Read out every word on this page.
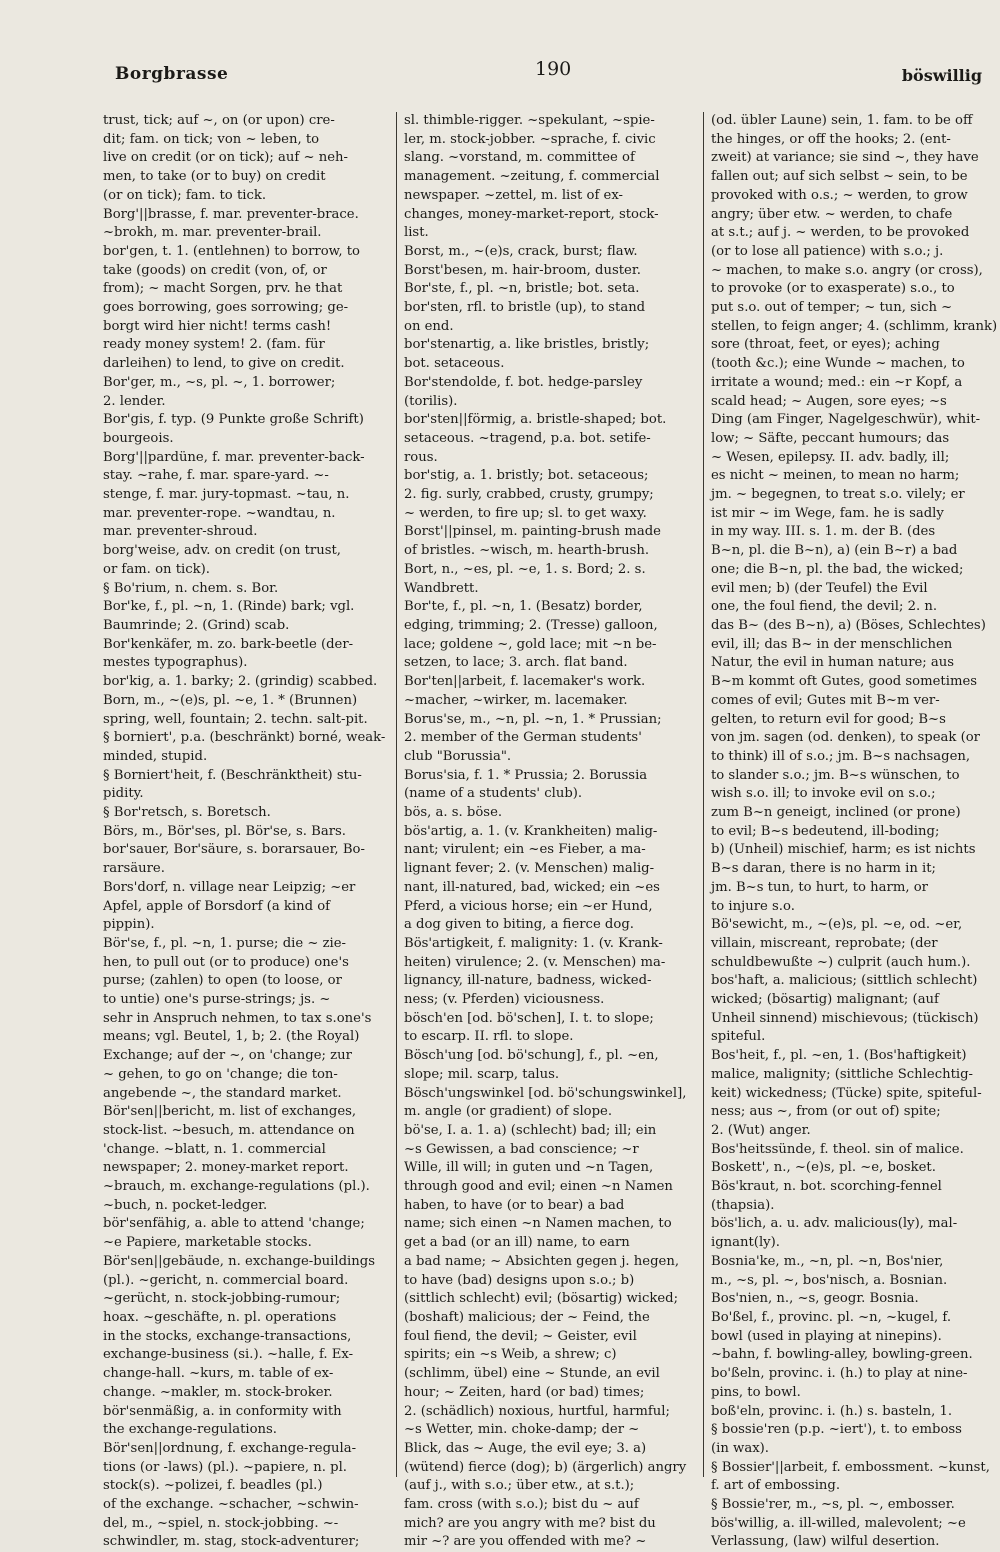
Borgbrasse	190	böswillig

trust, tick; auf ~, on (or upon) cre-

dit; fam. on tick; von ~ leben, to

live on credit (or on tick); auf ~ neh-

men, to take (or to buy) on credit

(or on tick); fam. to tick.

Borg'||brasse, f. mar. preventer-brace.

~brokh, m. mar. preventer-brail.

bor'gen, t. 1. (entlehnen) to borrow, to

take (goods) on credit (von, of, or

from); ~ macht Sorgen, prv. he that

goes borrowing, goes sorrowing; ge-

borgt wird hier nicht! terms cash!

ready money system! 2. (fam. für

darleihen) to lend, to give on credit.

Bor'ger, m., ~s, pl. ~, 1. borrower;

2. lender.

Bor'gis, f. typ. (9 Punkte große Schrift)

bourgeois.

Borg'||pardüne, f. mar. preventer-back-

stay. ~rahe, f. mar. spare-yard. ~-

stenge, f. mar. jury-topmast. ~tau, n.

mar. preventer-rope. ~wandtau, n.

mar. preventer-shroud.

borg'weise, adv. on credit (on trust,

or fam. on tick).

§ Bo'rium, n. chem. s. Bor.

Bor'ke, f., pl. ~n, 1. (Rinde) bark; vgl.

Baumrinde; 2. (Grind) scab.

Bor'kenkäfer, m. zo. bark-beetle (der-

mestes typographus).

bor'kig, a. 1. barky; 2. (grindig) scabbed.

Born, m., ~(e)s, pl. ~e, 1. * (Brunnen)

spring, well, fountain; 2. techn. salt-pit.

§ borniert', p.a. (beschränkt) borné, weak-

minded, stupid.

§ Borniert'heit, f. (Beschränktheit) stu-

pidity.

§ Bor'retsch, s. Boretsch.

Börs, m., Bör'ses, pl. Bör'se, s. Bars.

bor'sauer, Bor'säure, s. borarsauer, Bo-

rarsäure.

Bors'dorf, n. village near Leipzig; ~er

Apfel, apple of Borsdorf (a kind of

pippin).

Bör'se, f., pl. ~n, 1. purse; die ~ zie-

hen, to pull out (or to produce) one's

purse; (zahlen) to open (to loose, or

to untie) one's purse-strings; js. ~

sehr in Anspruch nehmen, to tax s.one's

means; vgl. Beutel, 1, b; 2. (the Royal)

Exchange; auf der ~, on 'change; zur

~ gehen, to go on 'change; die ton-

angebende ~, the standard market.

Bör'sen||bericht, m. list of exchanges,

stock-list. ~besuch, m. attendance on

'change. ~blatt, n. 1. commercial

newspaper; 2. money-market report.

~brauch, m. exchange-regulations (pl.).

~buch, n. pocket-ledger.

bör'senfähig, a. able to attend 'change;

~e Papiere, marketable stocks.

Bör'sen||gebäude, n. exchange-buildings

(pl.). ~gericht, n. commercial board.

~gerücht, n. stock-jobbing-rumour;

hoax. ~geschäfte, n. pl. operations

in the stocks, exchange-transactions,

exchange-business (si.). ~halle, f. Ex-

change-hall. ~kurs, m. table of ex-

change. ~makler, m. stock-broker.

bör'senmäßig, a. in conformity with

the exchange-regulations.

Bör'sen||ordnung, f. exchange-regula-

tions (or -laws) (pl.). ~papiere, n. pl.

stock(s). ~polizei, f. beadles (pl.)

of the exchange. ~schacher, ~schwin-

del, m., ~spiel, n. stock-jobbing. ~-

schwindler, m. stag, stock-adventurer;

sl. thimble-rigger. ~spekulant, ~spie-

ler, m. stock-jobber. ~sprache, f. civic

slang. ~vorstand, m. committee of

management. ~zeitung, f. commercial

newspaper. ~zettel, m. list of ex-

changes, money-market-report, stock-

list.

Borst, m., ~(e)s, crack, burst; flaw.

Borst'besen, m. hair-broom, duster.

Bor'ste, f., pl. ~n, bristle; bot. seta.

bor'sten, rfl. to bristle (up), to stand

on end.

bor'stenartig, a. like bristles, bristly;

bot. setaceous.

Bor'stendolde, f. bot. hedge-parsley

(torilis).

bor'sten||förmig, a. bristle-shaped; bot.

setaceous. ~tragend, p.a. bot. setife-

rous.

bor'stig, a. 1. bristly; bot. setaceous;

2. fig. surly, crabbed, crusty, grumpy;

~ werden, to fire up; sl. to get waxy.

Borst'||pinsel, m. painting-brush made

of bristles. ~wisch, m. hearth-brush.

Bort, n., ~es, pl. ~e, 1. s. Bord; 2. s.

Wandbrett.

Bor'te, f., pl. ~n, 1. (Besatz) border,

edging, trimming; 2. (Tresse) galloon,

lace; goldene ~, gold lace; mit ~n be-

setzen, to lace; 3. arch. flat band.

Bor'ten||arbeit, f. lacemaker's work.

~macher, ~wirker, m. lacemaker.

Borus'se, m., ~n, pl. ~n, 1. * Prussian;

2. member of the German students'

club "Borussia".

Borus'sia, f. 1. * Prussia; 2. Borussia

(name of a students' club).

bös, a. s. böse.

bös'artig, a. 1. (v. Krankheiten) malig-

nant; virulent; ein ~es Fieber, a ma-

lignant fever; 2. (v. Menschen) malig-

nant, ill-natured, bad, wicked; ein ~es

Pferd, a vicious horse; ein ~er Hund,

a dog given to biting, a fierce dog.

Bös'artigkeit, f. malignity: 1. (v. Krank-

heiten) virulence; 2. (v. Menschen) ma-

lignancy, ill-nature, badness, wicked-

ness; (v. Pferden) viciousness.

bösch'en [od. bö'schen], I. t. to slope;

to escarp. II. rfl. to slope.

Bösch'ung [od. bö'schung], f., pl. ~en,

slope; mil. scarp, talus.

Bösch'ungswinkel [od. bö'schungswinkel],

m. angle (or gradient) of slope.

bö'se, I. a. 1. a) (schlecht) bad; ill; ein

~s Gewissen, a bad conscience; ~r

Wille, ill will; in guten und ~n Tagen,

through good and evil; einen ~n Namen

haben, to have (or to bear) a bad

name; sich einen ~n Namen machen, to

get a bad (or an ill) name, to earn

a bad name; ~ Absichten gegen j. hegen,

to have (bad) designs upon s.o.; b)

(sittlich schlecht) evil; (bösartig) wicked;

(boshaft) malicious; der ~ Feind, the

foul fiend, the devil; ~ Geister, evil

spirits; ein ~s Weib, a shrew; c)

(schlimm, übel) eine ~ Stunde, an evil

hour; ~ Zeiten, hard (or bad) times;

2. (schädlich) noxious, hurtful, harmful;

~s Wetter, min. choke-damp; der ~

Blick, das ~ Auge, the evil eye; 3. a)

(wütend) fierce (dog); b) (ärgerlich) angry

(auf j., with s.o.; über etw., at s.t.);

fam. cross (with s.o.); bist du ~ auf

mich? are you angry with me? bist du

mir ~? are you offended with me? ~

(od. übler Laune) sein, 1. fam. to be off

the hinges, or off the hooks; 2. (ent-

zweit) at variance; sie sind ~, they have

fallen out; auf sich selbst ~ sein, to be

provoked with o.s.; ~ werden, to grow

angry; über etw. ~ werden, to chafe

at s.t.; auf j. ~ werden, to be provoked

(or to lose all patience) with s.o.; j.

~ machen, to make s.o. angry (or cross),

to provoke (or to exasperate) s.o., to

put s.o. out of temper; ~ tun, sich ~

stellen, to feign anger; 4. (schlimm, krank)

sore (throat, feet, or eyes); aching

(tooth &c.); eine Wunde ~ machen, to

irritate a wound; med.: ein ~r Kopf, a

scald head; ~ Augen, sore eyes; ~s

Ding (am Finger, Nagelgeschwür), whit-

low; ~ Säfte, peccant humours; das

~ Wesen, epilepsy. II. adv. badly, ill;

es nicht ~ meinen, to mean no harm;

jm. ~ begegnen, to treat s.o. vilely; er

ist mir ~ im Wege, fam. he is sadly

in my way. III. s. 1. m. der B. (des

B~n, pl. die B~n), a) (ein B~r) a bad

one; die B~n, pl. the bad, the wicked;

evil men; b) (der Teufel) the Evil

one, the foul fiend, the devil; 2. n.

das B~ (des B~n), a) (Böses, Schlechtes)

evil, ill; das B~ in der menschlichen

Natur, the evil in human nature; aus

B~m kommt oft Gutes, good sometimes

comes of evil; Gutes mit B~m ver-

gelten, to return evil for good; B~s

von jm. sagen (od. denken), to speak (or

to think) ill of s.o.; jm. B~s nachsagen,

to slander s.o.; jm. B~s wünschen, to

wish s.o. ill; to invoke evil on s.o.;

zum B~n geneigt, inclined (or prone)

to evil; B~s bedeutend, ill-boding;

b) (Unheil) mischief, harm; es ist nichts

B~s daran, there is no harm in it;

jm. B~s tun, to hurt, to harm, or

to injure s.o.

Bö'sewicht, m., ~(e)s, pl. ~e, od. ~er,

villain, miscreant, reprobate; (der

schuldbewußte ~) culprit (auch hum.).

bos'haft, a. malicious; (sittlich schlecht)

wicked; (bösartig) malignant; (auf

Unheil sinnend) mischievous; (tückisch)

spiteful.

Bos'heit, f., pl. ~en, 1. (Bos'haftigkeit)

malice, malignity; (sittliche Schlechtig-

keit) wickedness; (Tücke) spite, spiteful-

ness; aus ~, from (or out of) spite;

2. (Wut) anger.

Bos'heitssünde, f. theol. sin of malice.

Boskett', n., ~(e)s, pl. ~e, bosket.

Bös'kraut, n. bot. scorching-fennel

(thapsia).

bös'lich, a. u. adv. malicious(ly), mal-

ignant(ly).

Bosnia'ke, m., ~n, pl. ~n, Bos'nier,

m., ~s, pl. ~, bos'nisch, a. Bosnian.

Bos'nien, n., ~s, geogr. Bosnia.

Bo'ßel, f., provinc. pl. ~n, ~kugel, f.

bowl (used in playing at ninepins).

~bahn, f. bowling-alley, bowling-green.

bo'ßeln, provinc. i. (h.) to play at nine-

pins, to bowl.

boß'eln, provinc. i. (h.) s. basteln, 1.

§ bossie'ren (p.p. ~iert'), t. to emboss

(in wax).

§ Bossier'||arbeit, f. embossment. ~kunst,

f. art of embossing.

§ Bossie'rer, m., ~s, pl. ~, embosser.

bös'willig, a. ill-willed, malevolent; ~e

Verlassung, (law) wilful desertion.
